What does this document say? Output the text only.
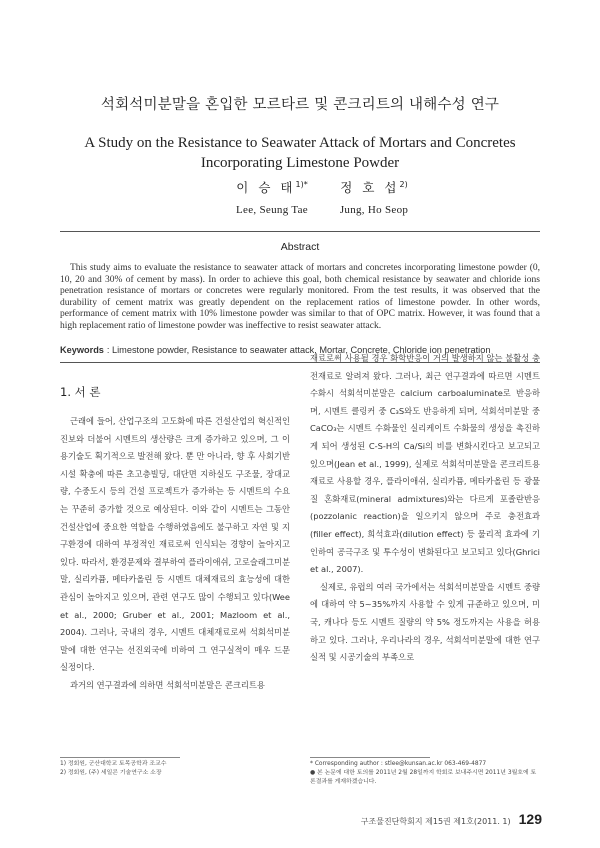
석회석미분말을 혼입한 모르타르 및 콘크리트의 내해수성 연구
A Study on the Resistance to Seawater Attack of Mortars and Concretes Incorporating Limestone Powder
이 승 태$^{1)*}$
Lee, Seung Tae
정 호 섭$^{2)}$
Jung, Ho Seop
Abstract
This study aims to evaluate the resistance to seawater attack of mortars and concretes incorporating limestone powder (0, 10, 20 and 30% of cement by mass). In order to achieve this goal, both chemical resistance by seawater and chloride ions penetration resistance of mortars or concretes were regularly monitored. From the test results, it was observed that the durability of cement matrix was greatly dependent on the replacement ratios of limestone powder. In other words, performance of cement matrix with 10% limestone powder was similar to that of OPC matrix. However, it was found that a high replacement ratio of limestone powder was ineffective to resist seawater attack.
Keywords : Limestone powder, Resistance to seawater attack, Mortar, Concrete, Chloride ion penetration
1. 서 론

근래에 들어, 산업구조의 고도화에 따른 건설산업의 혁신적인 진보와 더불어 시멘트의 생산량은 크게 증가하고 있으며, 그 이용기술도 획기적으로 발전해 왔다. 뿐 만 아니라, 향 후 사회기반시설 확충에 따른 초고층빌딩, 대단면 지하실도 구조물, 장대교량, 수중도시 등의 건설 프로젝트가 증가하는 등 시멘트의 수요는 꾸준히 증가할 것으로 예상된다. 이와 같이 시멘트는 그동안 건설산업에 중요한 역할을 수행하였음에도 불구하고 자연 및 지구환경에 대하여 부정적인 재료로써 인식되는 경향이 높아지고 있다. 따라서, 환경문제와 결부하여 플라이애쉬, 고로슬래그미분말, 실리카퓸, 메타카올린 등 시멘트 대체재료의 효능성에 대한 관심이 높아지고 있으며, 관련 연구도 많이 수행되고 있다(Wee et al., 2000; Gruber et al., 2001; Mazloom et al., 2004). 그러나, 국내의 경우, 시멘트 대체재료로써 석회석미분말에 대한 연구는 선진외국에 비하여 그 연구실적이 매우 드문 실정이다.

과거의 연구결과에 의하면 석회석미분말은 콘크리트용

재료로써 사용될 경우 화학반응이 거의 발생하지 않는 불활성 충전재료로 알려져 왔다. 그러나, 최근 연구결과에 따르면 시멘트 수화시 석회석미분말은 calcium carboaluminate로 반응하며, 시멘트 클링커 중 C₃S와도 반응하게 되며, 석회석미분말 중 CaCO₃는 시멘트 수화물인 실리케이트 수화물의 생성을 촉진하게 되어 생성된 C-S-H의 Ca/Si의 비를 변화시킨다고 보고되고 있으며(Jean et al., 1999), 실제로 석회석미분말을 콘크리트용 재료로 사용할 경우, 플라이애쉬, 실리카퓸, 메타카올린 등 광물질 혼화재료(mineral admixtures)와는 다르게 포졸란반응(pozzolanic reaction)을 일으키지 않으며 주로 충전효과(filler effect), 희석효과(dilution effect) 등 물리적 효과에 기인하여 공극구조 및 투수성이 변화된다고 보고되고 있다(Ghrici et al., 2007).

실제로, 유럽의 여러 국가에서는 석회석미분말을 시멘트 중량에 대하여 약 5~35%까지 사용할 수 있게 규준하고 있으며, 미국, 캐나다 등도 시멘트 질량의 약 5% 정도까지는 사용을 허용하고 있다. 그러나, 우리나라의 경우, 석회석미분말에 대한 연구실적 및 시공기술의 부족으로

1) 정회원, 군산대학교 토목공학과 조교수
2) 정회원, (주) 세일콘 기술연구소 소장
* Corresponding author : stlee@kunsan.ac.kr 063-469-4877
● 본 논문에 대한 토의를 2011년 2월 28일까지 학회로 보내주시면 2011년 3월호에 토론결과를 게재하겠습니다.
구조물진단학회지 제15권 제1호(2011. 1) 129
